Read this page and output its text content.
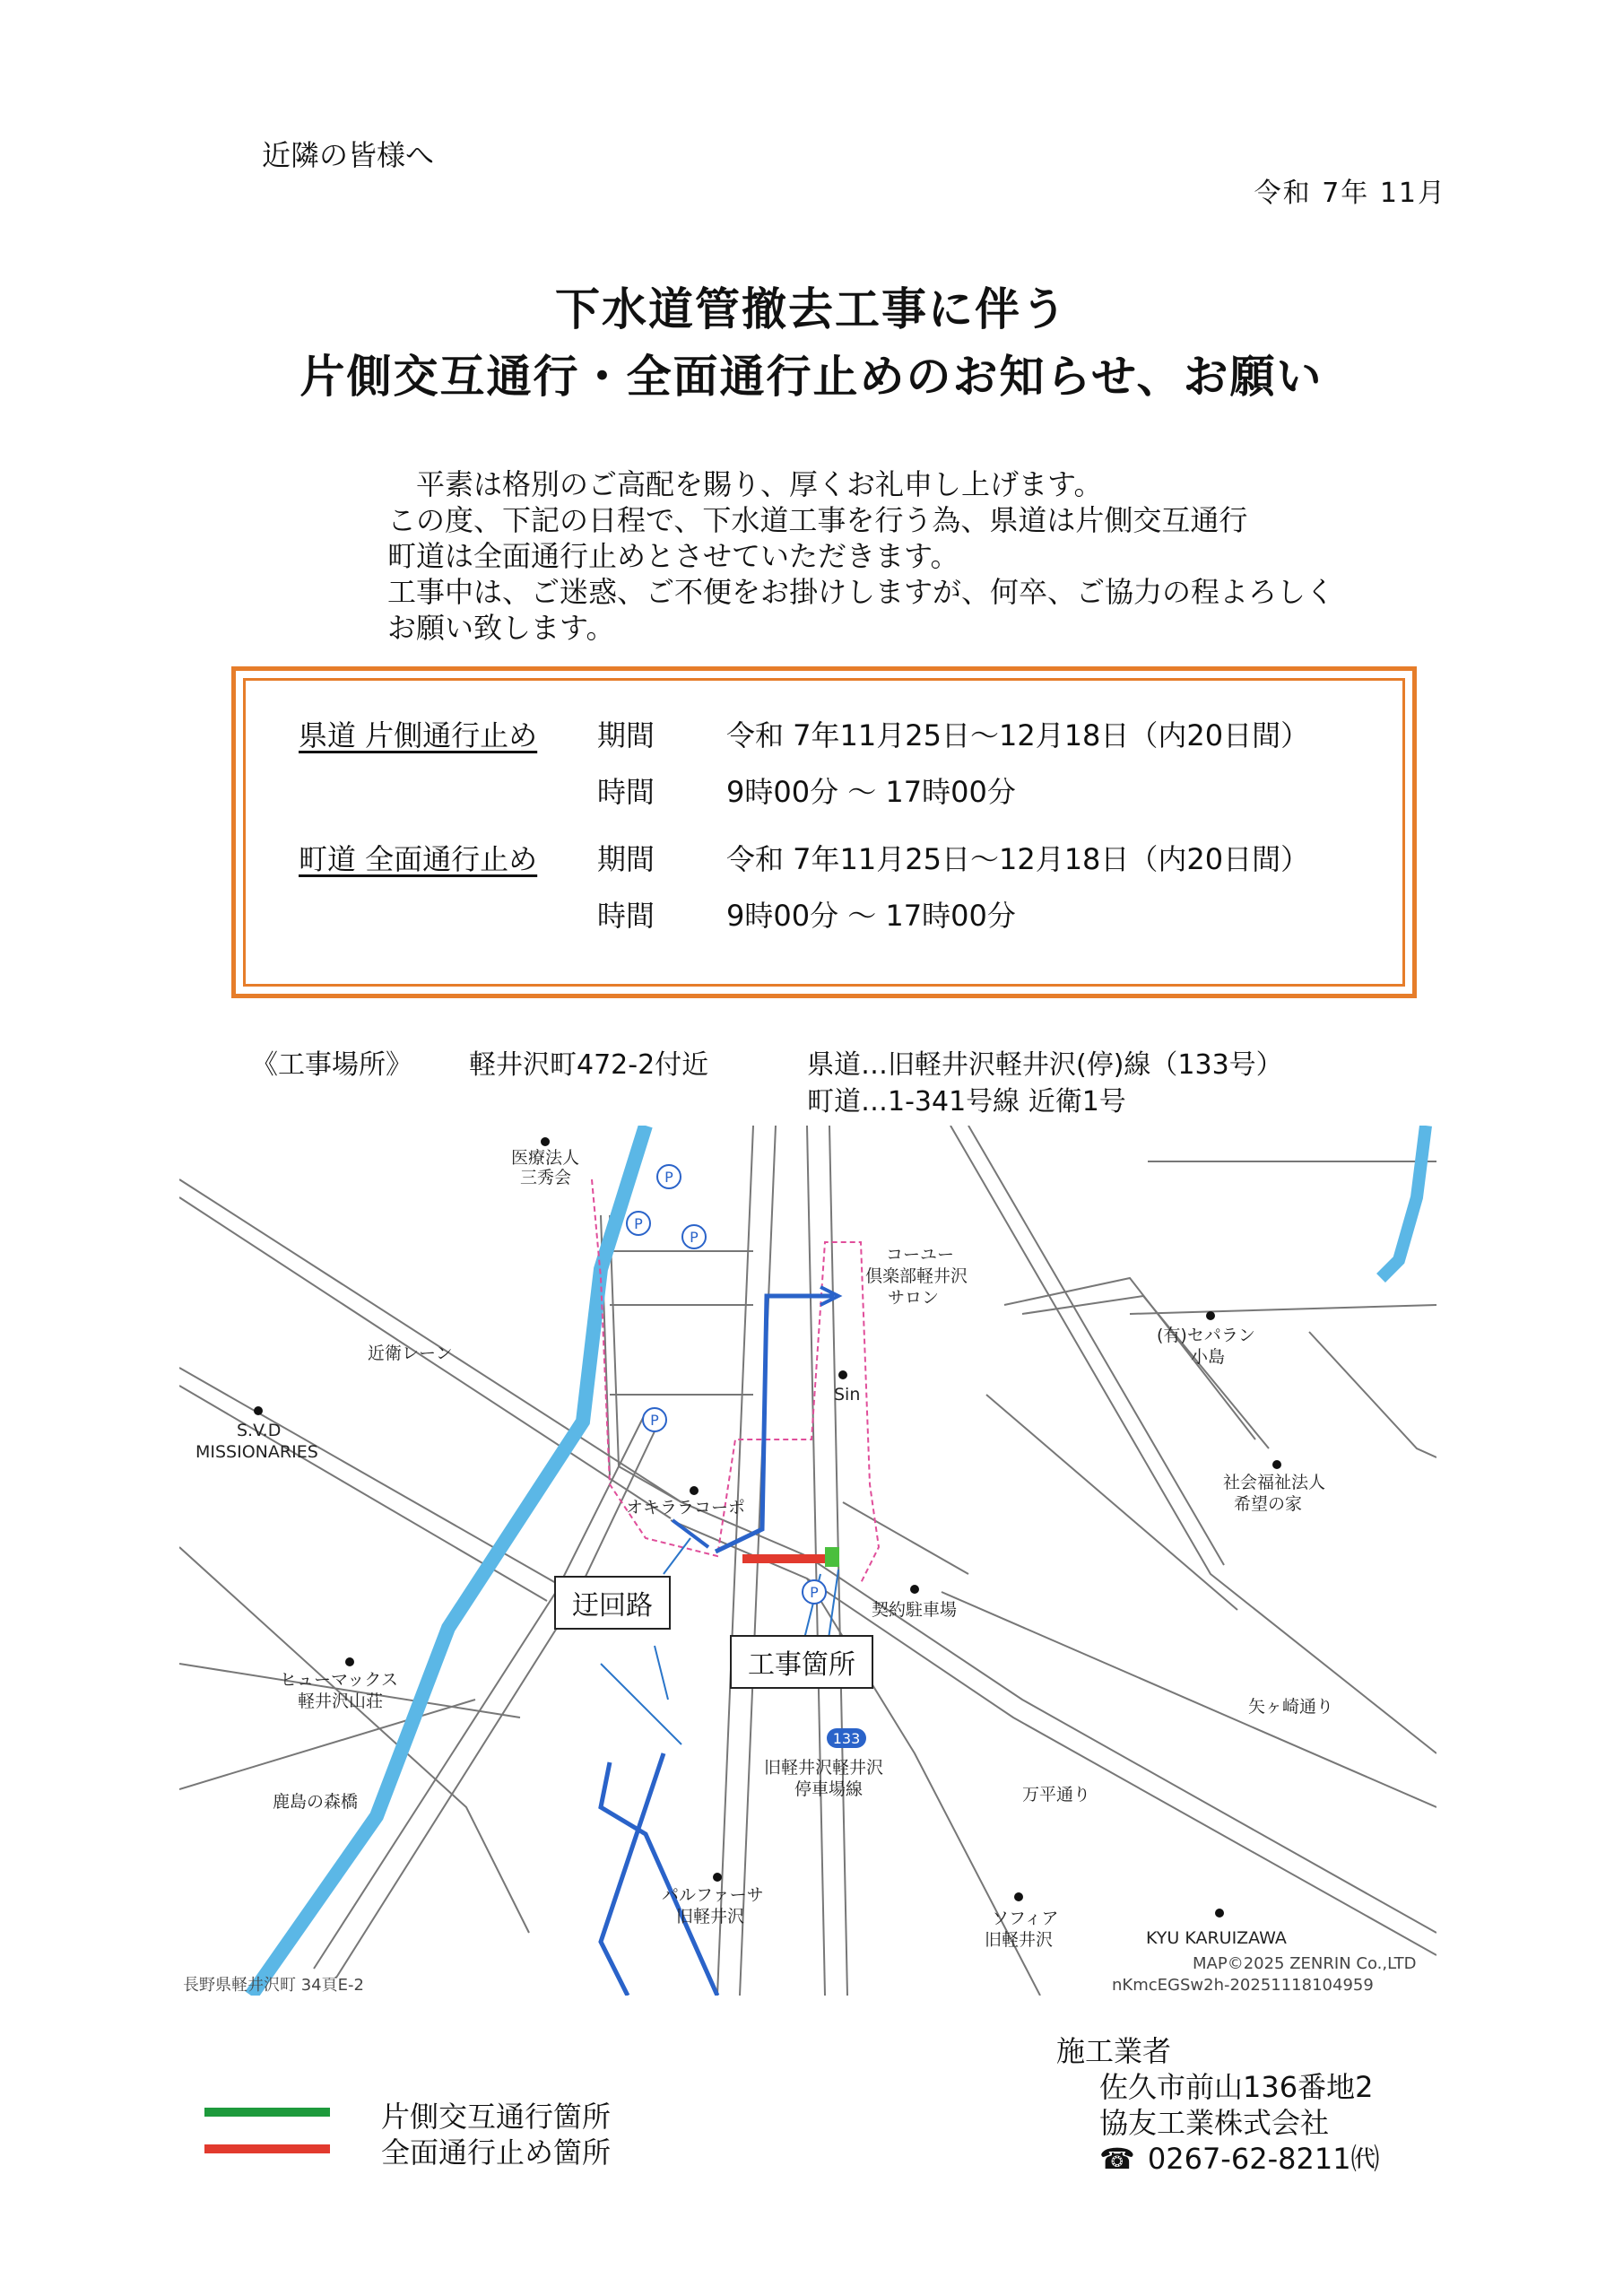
近隣の皆様へ
令和 7年 11月
下水道管撤去工事に伴う
片側交互通行・全面通行止めのお知らせ、お願い
　平素は格別のご高配を賜り、厚くお礼申し上げます。
この度、下記の日程で、下水道工事を行う為、県道は片側交互通行
町道は全面通行止めとさせていただきます。
工事中は、ご迷惑、ご不便をお掛けしますが、何卒、ご協力の程よろしく
お願い致します。
県道 片側通行止め 期間 令和 7年11月25日～12月18日（内20日間）
時間 9時00分 ～ 17時00分
町道 全面通行止め 期間 令和 7年11月25日～12月18日（内20日間）
時間 9時00分 ～ 17時00分
《工事場所》 軽井沢町472-2付近	県道…旧軽井沢軽井沢(停)線（133号）
町道…1-341号線 近衛1号
P
P
P
P
P
133
医療法人
三秀会
コーユー
倶楽部軽井沢
サロン
近衛レーン
Sin
(有)セパラン
小島
S.V.D
MISSIONARIES
社会福祉法人
希望の家
オキララコーポ
契約駐車場
ヒューマックス
軽井沢山荘	矢ヶ崎通り
旧軽井沢軽井沢
停車場線
鹿島の森橋	万平通り
パルファーサ
旧軽井沢	ソフィア
旧軽井沢	KYU KARUIZAWA
MAP©2025 ZENRIN Co.,LTD
nKmcEGSw2h-20251118104959
長野県軽井沢町 34頁E-2
迂回路
工事箇所
施工業者
佐久市前山136番地2
協友工業株式会社
☎ 0267-62-8211㈹
片側交互通行箇所
全面通行止め箇所
